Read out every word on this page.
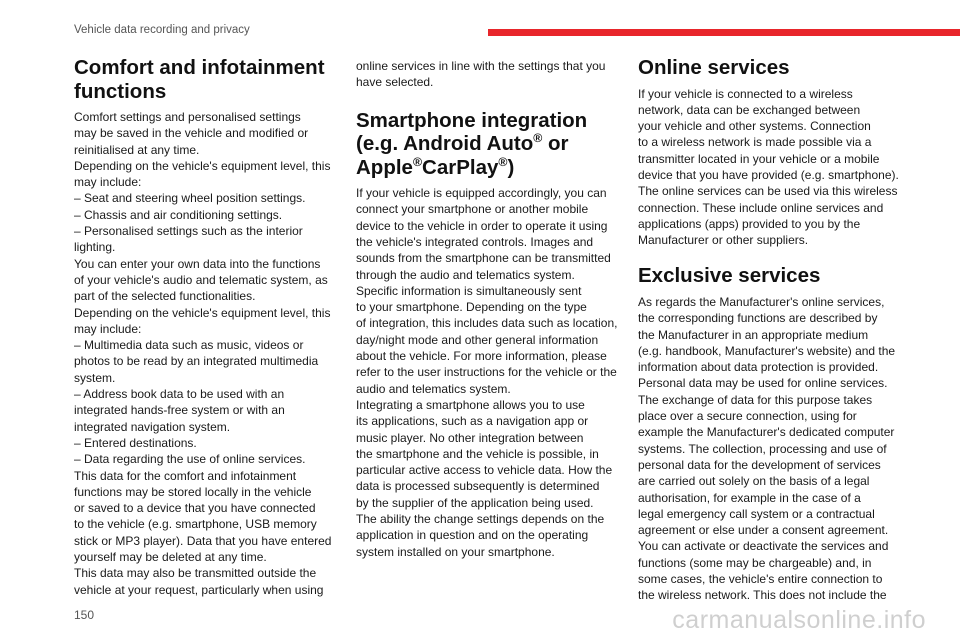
Vehicle data recording and privacy
Comfort and infotainment functions
Comfort settings and personalised settings
may be saved in the vehicle and modified or
reinitialised at any time.
Depending on the vehicle's equipment level, this
may include:
– Seat and steering wheel position settings.
– Chassis and air conditioning settings.
– Personalised settings such as the interior
lighting.
You can enter your own data into the functions
of your vehicle's audio and telematic system, as
part of the selected functionalities.
Depending on the vehicle's equipment level, this
may include:
– Multimedia data such as music, videos or
photos to be read by an integrated multimedia
system.
– Address book data to be used with an
integrated hands-free system or with an
integrated navigation system.
– Entered destinations.
– Data regarding the use of online services.
This data for the comfort and infotainment
functions may be stored locally in the vehicle
or saved to a device that you have connected
to the vehicle (e.g. smartphone, USB memory
stick or MP3 player). Data that you have entered
yourself may be deleted at any time.
This data may also be transmitted outside the
vehicle at your request, particularly when using
online services in line with the settings that you
have selected.
Smartphone integration
(e.g. Android Auto® or
Apple®CarPlay®)
If your vehicle is equipped accordingly, you can
connect your smartphone or another mobile
device to the vehicle in order to operate it using
the vehicle's integrated controls. Images and
sounds from the smartphone can be transmitted
through the audio and telematics system.
Specific information is simultaneously sent
to your smartphone. Depending on the type
of integration, this includes data such as location,
day/night mode and other general information
about the vehicle. For more information, please
refer to the user instructions for the vehicle or the
audio and telematics system.
Integrating a smartphone allows you to use
its applications, such as a navigation app or
music player. No other integration between
the smartphone and the vehicle is possible, in
particular active access to vehicle data. How the
data is processed subsequently is determined
by the supplier of the application being used.
The ability the change settings depends on the
application in question and on the operating
system installed on your smartphone.
Online services
If your vehicle is connected to a wireless
network, data can be exchanged between
your vehicle and other systems. Connection
to a wireless network is made possible via a
transmitter located in your vehicle or a mobile
device that you have provided (e.g. smartphone).
The online services can be used via this wireless
connection. These include online services and
applications (apps) provided to you by the
Manufacturer or other suppliers.
Exclusive services
As regards the Manufacturer's online services,
the corresponding functions are described by
the Manufacturer in an appropriate medium
(e.g. handbook, Manufacturer's website) and the
information about data protection is provided.
Personal data may be used for online services.
The exchange of data for this purpose takes
place over a secure connection, using for
example the Manufacturer's dedicated computer
systems. The collection, processing and use of
personal data for the development of services
are carried out solely on the basis of a legal
authorisation, for example in the case of a
legal emergency call system or a contractual
agreement or else under a consent agreement.
You can activate or deactivate the services and
functions (some may be chargeable) and, in
some cases, the vehicle's entire connection to
the wireless network. This does not include the
150	carmanualsonline.info
